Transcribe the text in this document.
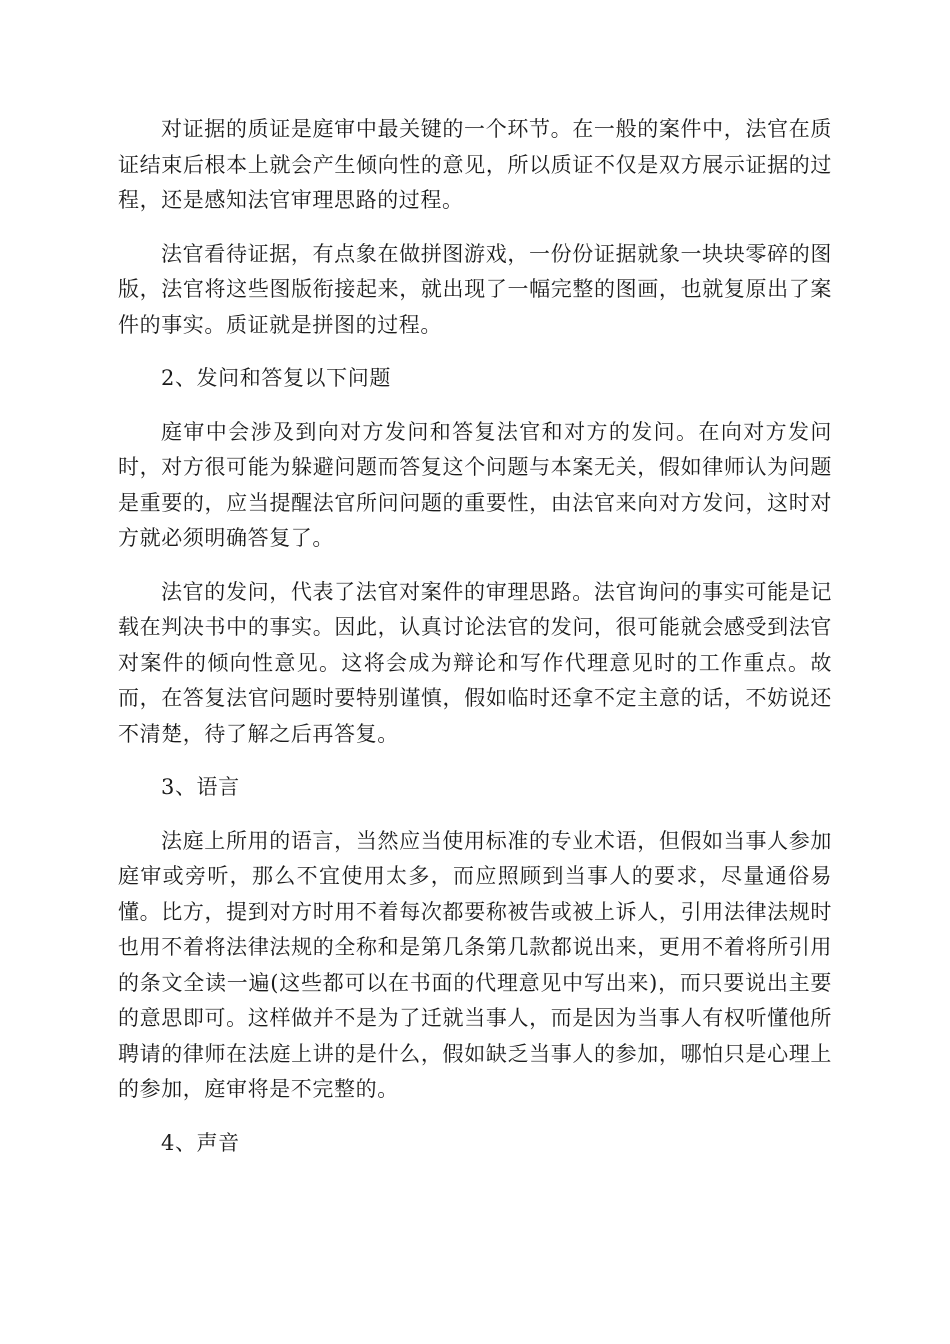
对证据的质证是庭审中最关键的一个环节。在一般的案件中，法官在质证结束后根本上就会产生倾向性的意见，所以质证不仅是双方展示证据的过程，还是感知法官审理思路的过程。

法官看待证据，有点象在做拼图游戏，一份份证据就象一块块零碎的图版，法官将这些图版衔接起来，就出现了一幅完整的图画，也就复原出了案件的事实。质证就是拼图的过程。

2、发问和答复以下问题

庭审中会涉及到向对方发问和答复法官和对方的发问。在向对方发问时，对方很可能为躲避问题而答复这个问题与本案无关，假如律师认为问题是重要的，应当提醒法官所问问题的重要性，由法官来向对方发问，这时对方就必须明确答复了。

法官的发问，代表了法官对案件的审理思路。法官询问的事实可能是记载在判决书中的事实。因此，认真讨论法官的发问，很可能就会感受到法官对案件的倾向性意见。这将会成为辩论和写作代理意见时的工作重点。故而，在答复法官问题时要特别谨慎，假如临时还拿不定主意的话，不妨说还不清楚，待了解之后再答复。

3、语言

法庭上所用的语言，当然应当使用标准的专业术语，但假如当事人参加庭审或旁听，那么不宜使用太多，而应照顾到当事人的要求，尽量通俗易懂。比方，提到对方时用不着每次都要称被告或被上诉人，引用法律法规时也用不着将法律法规的全称和是第几条第几款都说出来，更用不着将所引用的条文全读一遍(这些都可以在书面的代理意见中写出来)，而只要说出主要的意思即可。这样做并不是为了迁就当事人，而是因为当事人有权听懂他所聘请的律师在法庭上讲的是什么，假如缺乏当事人的参加，哪怕只是心理上的参加，庭审将是不完整的。

4、声音
